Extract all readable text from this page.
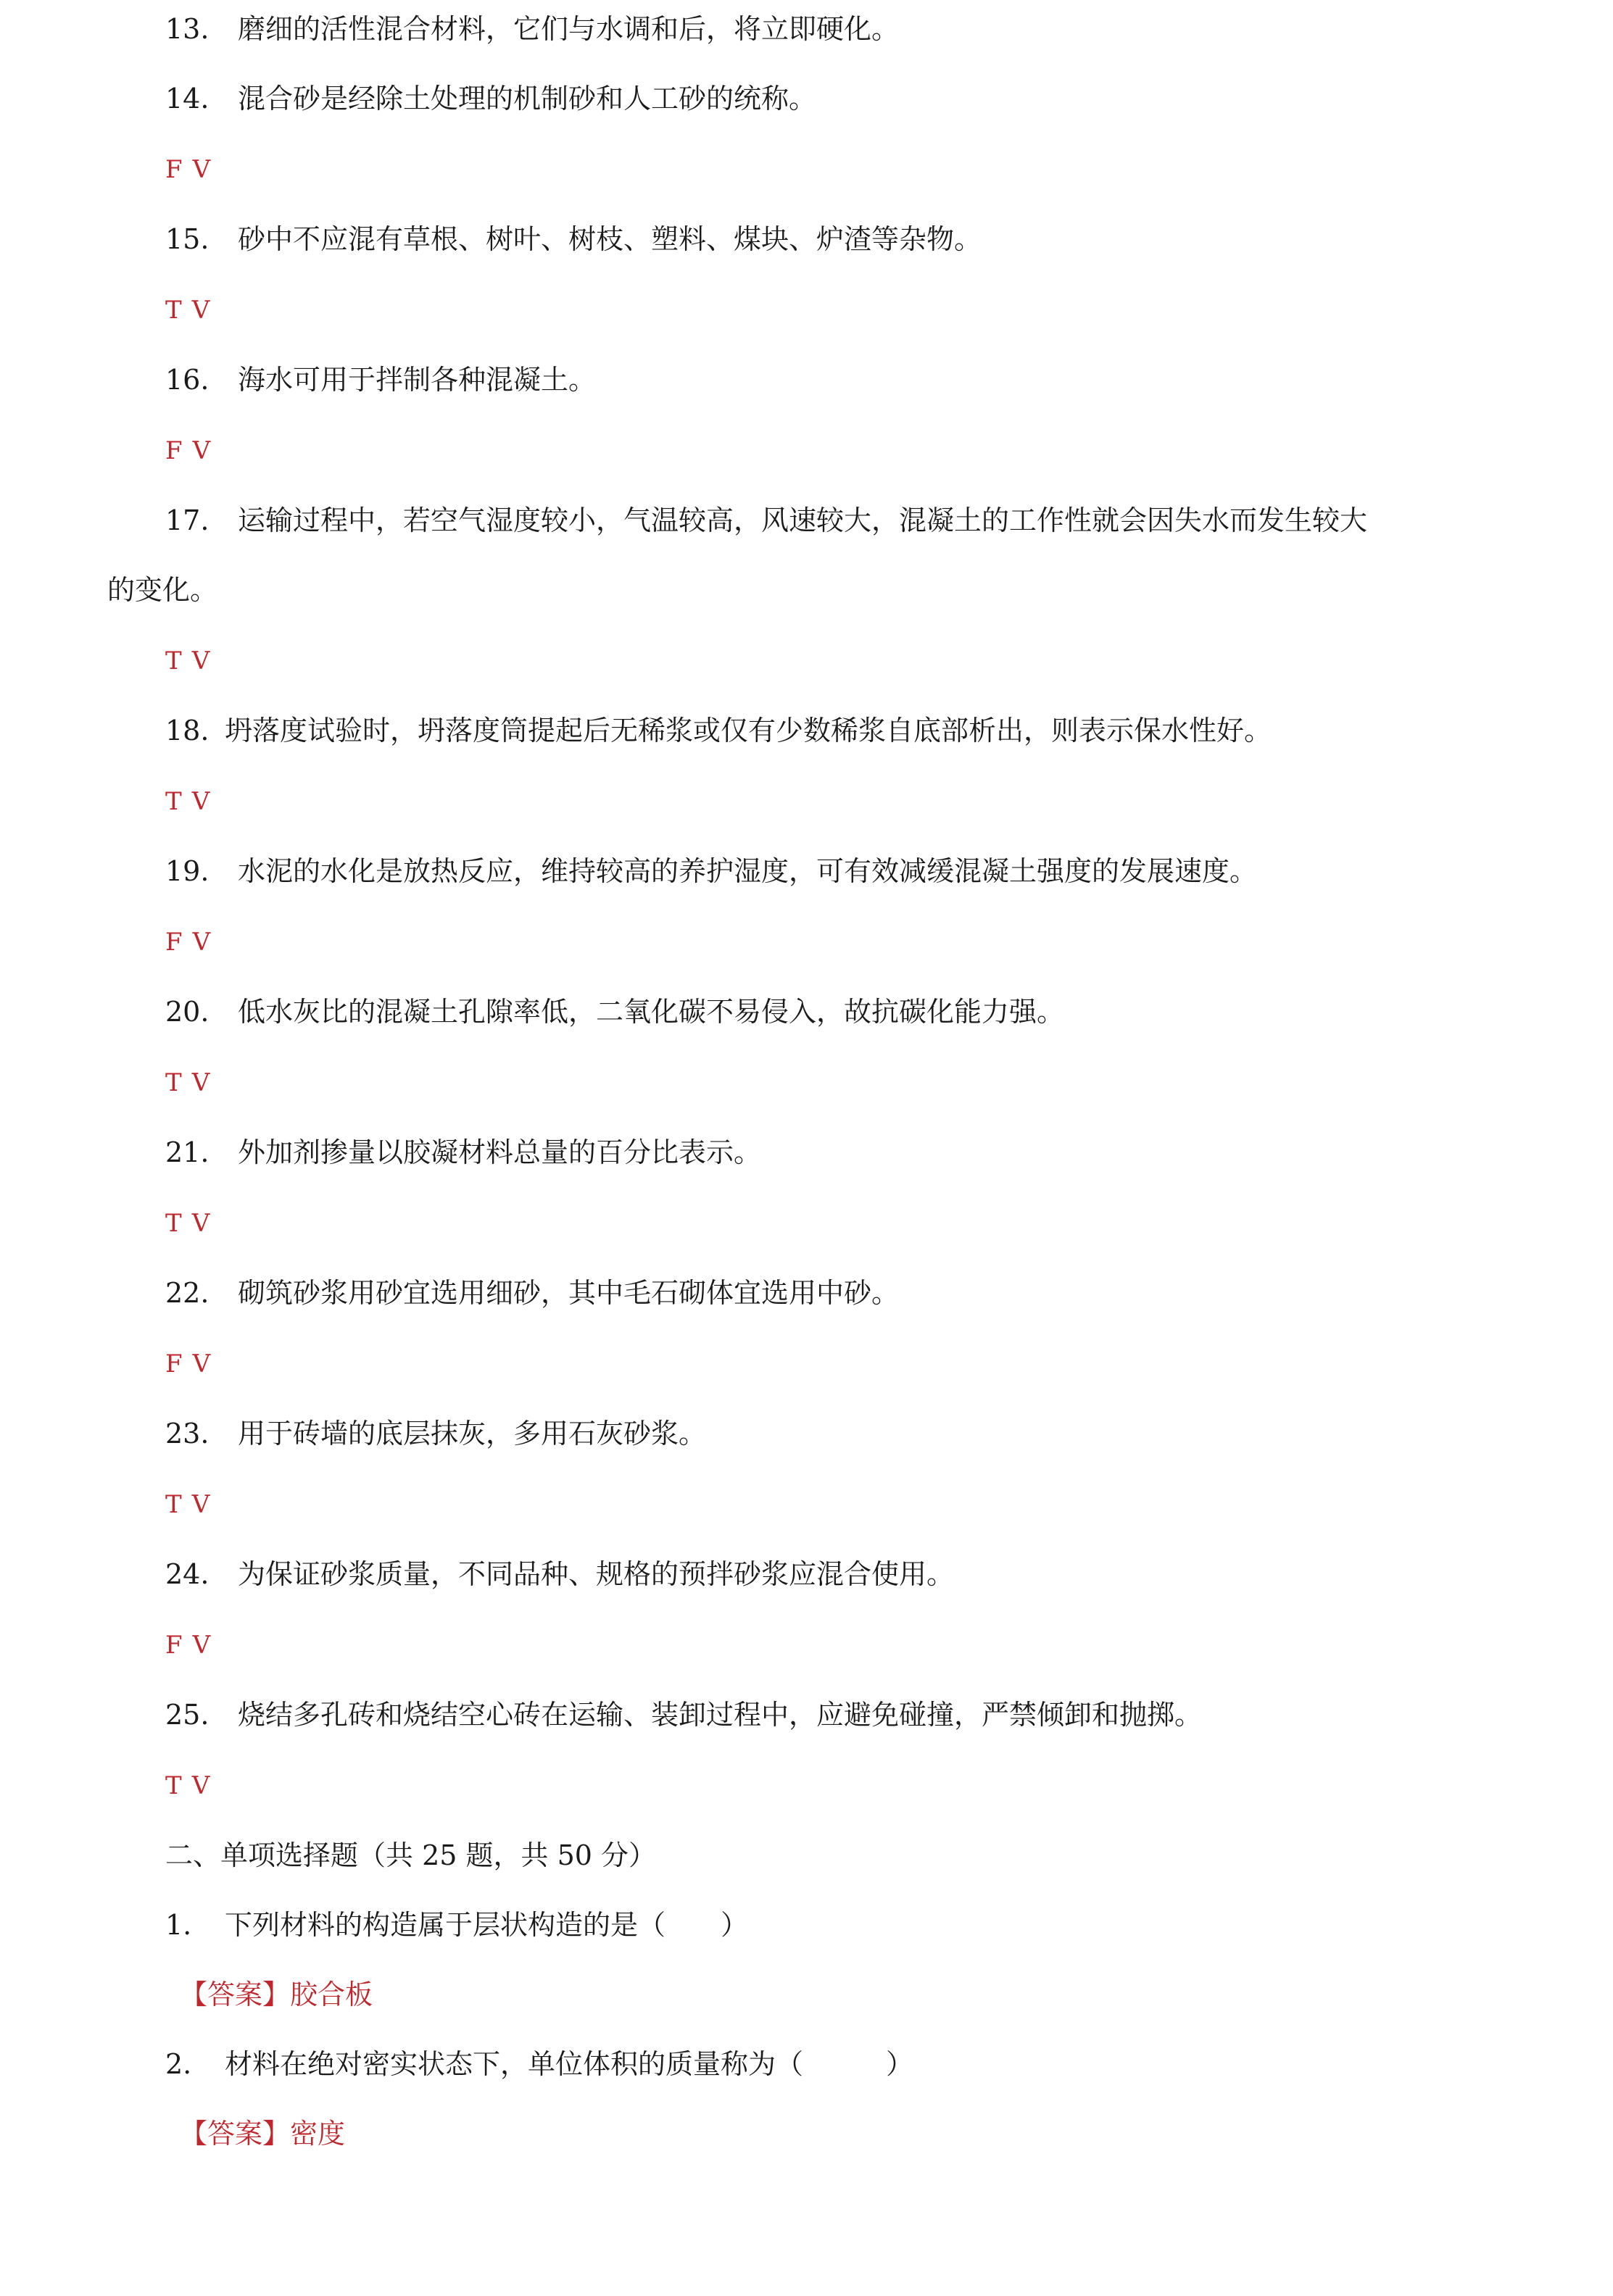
13. 磨细的活性混合材料，它们与水调和后，将立即硬化。
14. 混合砂是经除土处理的机制砂和人工砂的统称。
F V
15. 砂中不应混有草根、树叶、树枝、塑料、煤块、炉渣等杂物。
T V
16. 海水可用于拌制各种混凝土。
F V
17. 运输过程中，若空气湿度较小，气温较高，风速较大，混凝土的工作性就会因失水而发生较大
的变化。
T V
18. 坍落度试验时，坍落度筒提起后无稀浆或仅有少数稀浆自底部析出，则表示保水性好。
T V
19. 水泥的水化是放热反应，维持较高的养护湿度，可有效减缓混凝土强度的发展速度。
F V
20. 低水灰比的混凝土孔隙率低，二氧化碳不易侵入，故抗碳化能力强。
T V
21. 外加剂掺量以胶凝材料总量的百分比表示。
T V
22. 砌筑砂浆用砂宜选用细砂，其中毛石砌体宜选用中砂。
F V
23. 用于砖墙的底层抹灰，多用石灰砂浆。
T V
24. 为保证砂浆质量，不同品种、规格的预拌砂浆应混合使用。
F V
25. 烧结多孔砖和烧结空心砖在运输、装卸过程中，应避免碰撞，严禁倾卸和抛掷。
T V
二、单项选择题（共 25 题，共 50 分）
1. 下列材料的构造属于层状构造的是（　　）
【答案】胶合板
2. 材料在绝对密实状态下，单位体积的质量称为（　　　）
【答案】密度
